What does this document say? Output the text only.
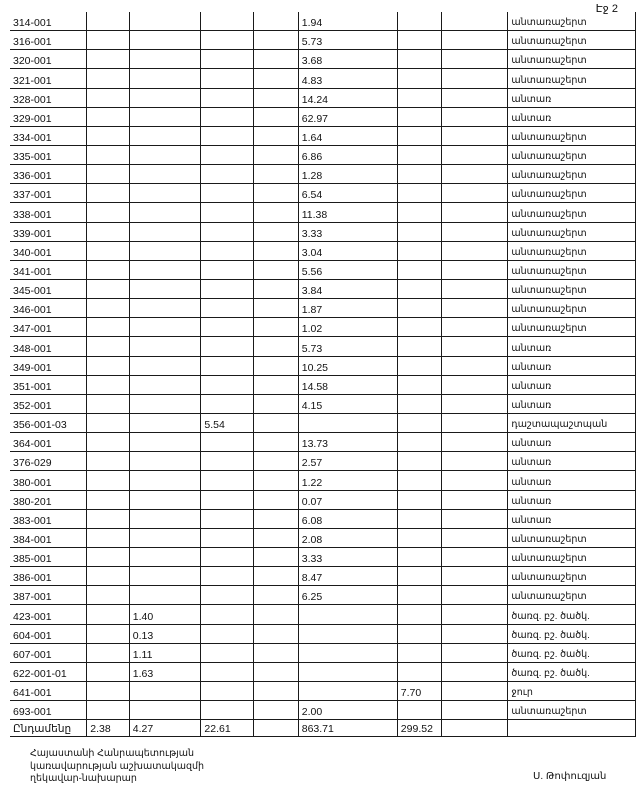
Էջ 2
314-001					1.94			անտառաշերտ
316-001					5.73			անտառաշերտ
320-001					3.68			անտառաշերտ
321-001					4.83			անտառաշերտ
328-001					14.24			անտառ
329-001					62.97			անտառ
334-001					1.64			անտառաշերտ
335-001					6.86			անտառաշերտ
336-001					1.28			անտառաշերտ
337-001					6.54			անտառաշերտ
338-001					11.38			անտառաշերտ
339-001					3.33			անտառաշերտ
340-001					3.04			անտառաշերտ
341-001					5.56			անտառաշերտ
345-001					3.84			անտառաշերտ
346-001					1.87			անտառաշերտ
347-001					1.02			անտառաշերտ
348-001					5.73			անտառ
349-001					10.25			անտառ
351-001					14.58			անտառ
352-001					4.15			անտառ
356-001-03			5.54					դաշտապաշտպան
364-001					13.73			անտառ
376-029					2.57			անտառ
380-001					1.22			անտառ
380-201					0.07			անտառ
383-001					6.08			անտառ
384-001					2.08			անտառաշերտ
385-001					3.33			անտառաշերտ
386-001					8.47			անտառաշերտ
387-001					6.25			անտառաշերտ
423-001		1.40						ծառզ. բշ. ծածկ.
604-001		0.13						ծառզ. բշ. ծածկ.
607-001		1.11						ծառզ. բշ. ծածկ.
622-001-01		1.63						ծառզ. բշ. ծածկ.
641-001						7.70		ջուր
693-001					2.00			անտառաշերտ
Ընդամենը	2.38	4.27	22.61		863.71	299.52		
Հայաստանի Հանրապետության
կառավարության աշխատակազմի
ղեկավար-նախարար	Ս. Թոփուզյան
